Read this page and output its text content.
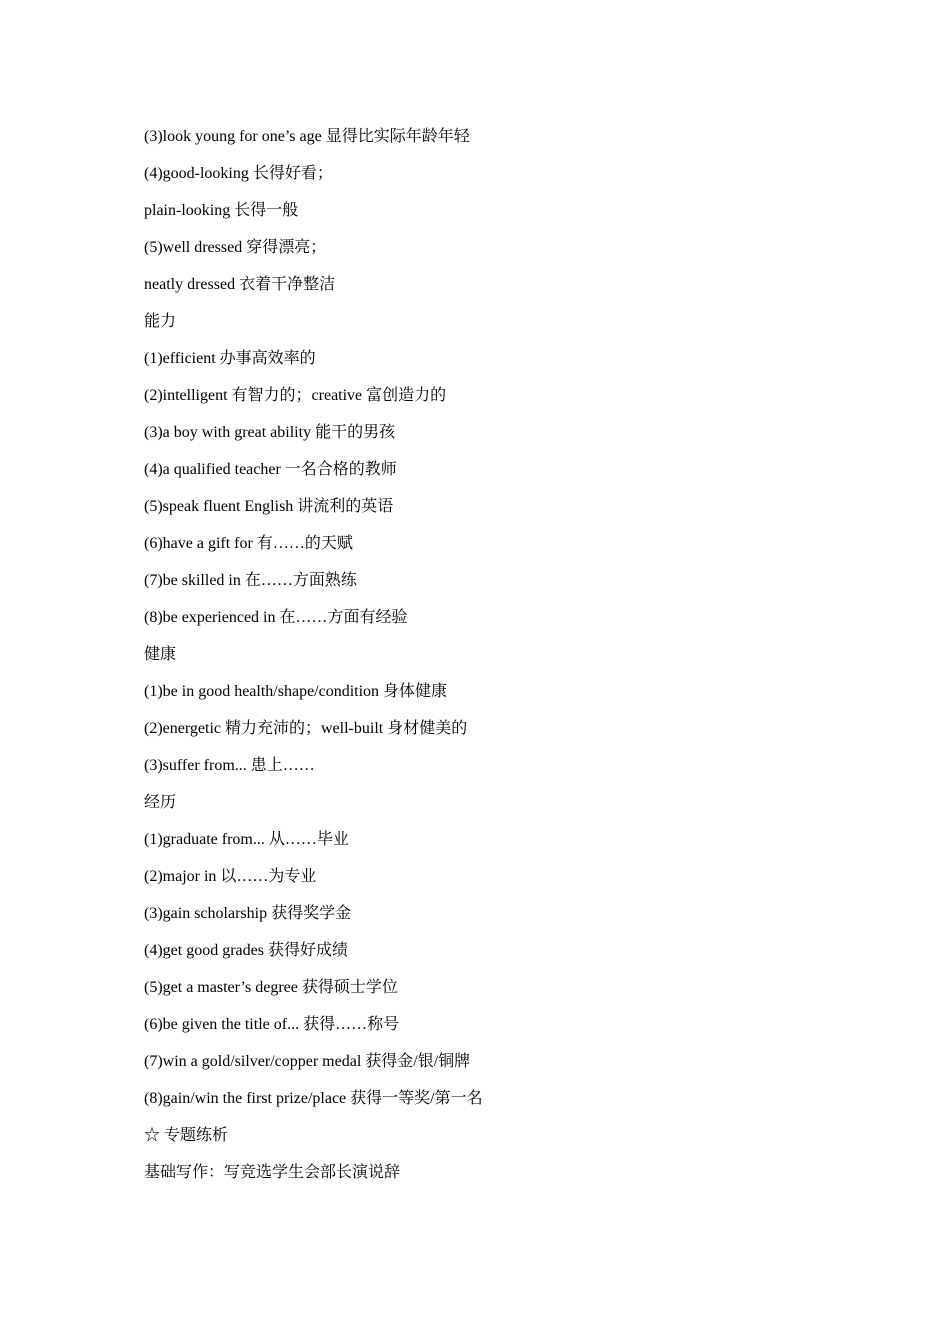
(3)look young for one’s age 显得比实际年龄年轻
(4)good-looking 长得好看；
plain-looking 长得一般
(5)well dressed 穿得漂亮；
neatly dressed 衣着干净整洁
能力
(1)efficient 办事高效率的
(2)intelligent 有智力的；creative 富创造力的
(3)a boy with great ability 能干的男孩
(4)a qualified teacher 一名合格的教师
(5)speak fluent English 讲流利的英语
(6)have a gift for 有……的天赋
(7)be skilled in 在……方面熟练
(8)be experienced in 在……方面有经验
健康
(1)be in good health/shape/condition 身体健康
(2)energetic 精力充沛的；well-built 身材健美的
(3)suffer from... 患上……
经历
(1)graduate from... 从……毕业
(2)major in 以……为专业
(3)gain scholarship 获得奖学金
(4)get good grades 获得好成绩
(5)get a master’s degree 获得硕士学位
(6)be given the title of... 获得……称号
(7)win a gold/silver/copper medal 获得金/银/铜牌
(8)gain/win the first prize/place 获得一等奖/第一名
☆ 专题练析
基础写作：写竞选学生会部长演说辞
